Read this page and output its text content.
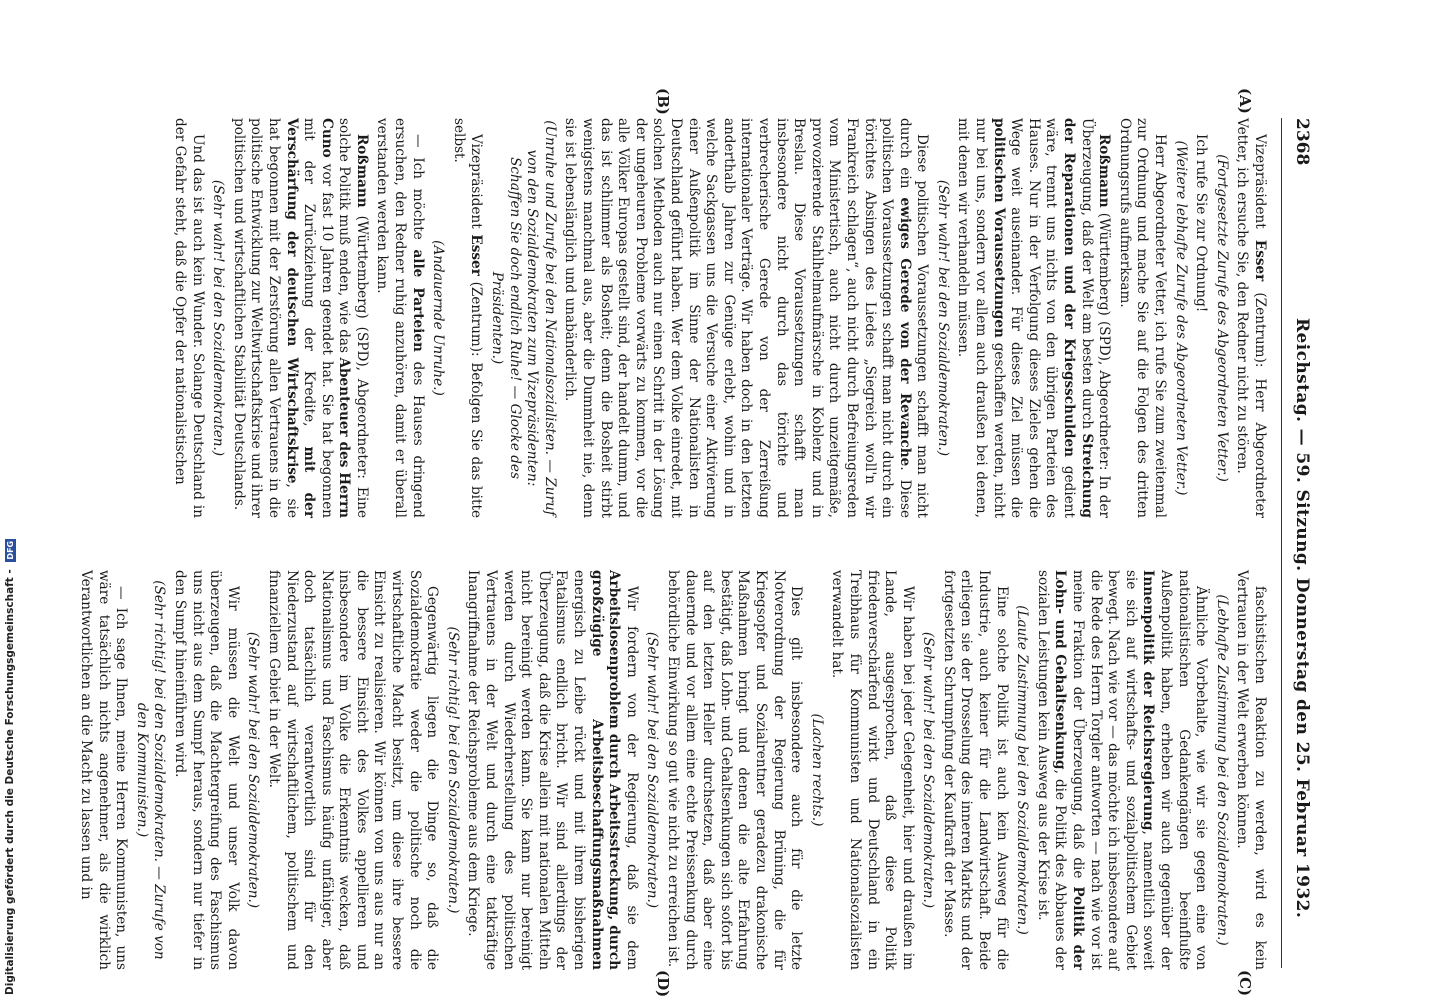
2368
Reichstag. — 59. Sitzung. Donnerstag den 25. Februar 1932.

Vizepräsident Esser (Zentrum): Herr Abgeordneter Vetter, ich ersuche Sie, den Redner nicht zu stören.

(Fortgesetzte Zurufe des Abgeordneten Vetter.)

Ich rufe Sie zur Ordnung!

(Weitere lebhafte Zurufe des Abgeordneten Vetter.)

Herr Abgeordneter Vetter, ich rufe Sie zum zweitenmal zur Ordnung und mache Sie auf die Folgen des dritten Ordnungsrufs aufmerksam.

Roßmann (Württemberg) (SPD), Abgeordneter: In der Überzeugung, daß der Welt am besten durch Streichung der Reparationen und der Kriegsschulden gedient wäre, trennt uns nichts von den übrigen Parteien des Hauses. Nur in der Verfolgung dieses Zieles gehen die Wege weit auseinander. Für dieses Ziel müssen die politischen Voraussetzungen geschaffen werden, nicht nur bei uns, sondern vor allem auch draußen bei denen, mit denen wir verhandeln müssen.

(Sehr wahr! bei den Sozialdemokraten.)

Diese politischen Voraussetzungen schafft man nicht durch ein ewiges Gerede von der Revanche. Diese politischen Voraussetzungen schafft man nicht durch ein törichtes Absingen des Liedes „Siegreich woll'n wir Frankreich schlagen“, auch nicht durch Befreiungsreden vom Ministertisch, auch nicht durch unzeitgemäße, provozierende Stahlhelmaufmärsche in Koblenz und in Breslau. Diese Voraussetzungen schafft man insbesondere nicht durch das törichte und verbrecherische Gerede von der Zerreißung internationaler Verträge. Wir haben doch in den letzten anderthalb Jahren zur Genüge erlebt, wohin und in welche Sackgassen uns die Versuche einer Aktivierung einer Außenpolitik im Sinne der Nationalisten in Deutschland geführt haben. Wer dem Volke einredet, mit solchen Methoden auch nur einen Schritt in der Lösung der ungeheuren Probleme vorwärts zu kommen, vor die alle Völker Europas gestellt sind, der handelt dumm, und das ist schlimmer als Bosheit; denn die Bosheit stirbt wenigstens manchmal aus, aber die Dummheit nie, denn sie ist lebenslänglich und unabänderlich.

(Unruhe und Zurufe bei den Nationalsozialisten. — Zuruf von den Sozialdemokraten zum Vizepräsidenten: Schaffen Sie doch endlich Ruhe! — Glocke des Präsidenten.)

Vizepräsident Esser (Zentrum): Befolgen Sie das bitte selbst.

(Andauernde Unruhe.)

— Ich möchte alle Parteien des Hauses dringend ersuchen, den Redner ruhig anzuhören, damit er überall verstanden werden kann.

Roßmann (Württemberg) (SPD), Abgeordneter: Eine solche Politik muß enden, wie das Abenteuer des Herrn Cuno vor fast 10 Jahren geendet hat. Sie hat begonnen mit der Zurückziehung der Kredite, mit der Verschärfung der deutschen Wirtschaftskrise, sie hat begonnen mit der Zerstörung allen Vertrauens in die politische Entwicklung zur Weltwirtschaftskrise und ihrer politischen und wirtschaftlichen Stabilität Deutschlands.

(Sehr wahr! bei den Sozialdemokraten.)

Und das ist auch kein Wunder. Solange Deutschland in der Gefahr steht, daß die Opfer der nationalistischen

faschistischen Reaktion zu werden, wird es kein Vertrauen in der Welt erwerben können.

(Lebhafte Zustimmung bei den Sozialdemokraten.)

Ähnliche Vorbehalte, wie wir sie gegen eine von nationalistischen Gedankengängen beeinflußte Außenpolitik haben, erheben wir auch gegenüber der Innenpolitik der Reichsregierung, namentlich soweit sie sich auf wirtschafts- und sozialpolitischem Gebiet bewegt. Nach wie vor — das möchte ich insbesondere auf die Rede des Herrn Torgler antworten — nach wie vor ist meine Fraktion der Überzeugung, daß die Politik der Lohn- und Gehaltsenkung, die Politik des Abbaues der sozialen Leistungen kein Ausweg aus der Krise ist.

(Laute Zustimmung bei den Sozialdemokraten.)

Eine solche Politik ist auch kein Ausweg für die Industrie, auch keiner für die Landwirtschaft. Beide erliegen sie der Drosselung des inneren Markts und der fortgesetzten Schrumpfung der Kaufkraft der Masse.

(Sehr wahr! bei den Sozialdemokraten.)

Wir haben bei jeder Gelegenheit, hier und draußen im Lande, ausgesprochen, daß diese Politik friedenverschärfend wirkt und Deutschland in ein Treibhaus für Kommunisten und Nationalsozialisten verwandelt hat.

(Lachen rechts.)

Dies gilt insbesondere auch für die letzte Notverordnung der Regierung Brüning, die für Kriegsopfer und Sozialrentner geradezu drakonische Maßnahmen bringt und denen die alte Erfahrung bestätigt, daß Lohn- und Gehaltsenkungen sich sofort bis auf den letzten Heller durchsetzen, daß aber eine dauernde und vor allem eine echte Preissenkung durch behördliche Einwirkung so gut wie nicht zu erreichen ist.

(Sehr wahr! bei den Sozialdemokraten.)

Wir fordern von der Regierung, daß sie dem Arbeitslosenproblem durch Arbeitsstreckung, durch großzügige Arbeitsbeschaffungsmaßnahmen energisch zu Leibe rückt und mit ihrem bisherigen Fatalismus endlich bricht. Wir sind allerdings der Überzeugung, daß die Krise allein mit nationalen Mitteln nicht bereinigt werden kann. Sie kann nur bereinigt werden durch Wiederherstellung des politischen Vertrauens in der Welt und durch eine tatkräftige Inangriffnahme der Reichsprobleme aus dem Kriege.

(Sehr richtig! bei den Sozialdemokraten.)

Gegenwärtig liegen die Dinge so, daß die Sozialdemokratie weder die politische noch die wirtschaftliche Macht besitzt, um diese ihre bessere Einsicht zu realisieren. Wir können von uns aus nur an die bessere Einsicht des Volkes appellieren und insbesondere im Volke die Erkenntnis wecken, daß Nationalismus und Faschismus häufig unfähiger, aber doch tatsächlich verantwortlich sind für den Niederzustand auf wirtschaftlichem, politischem und finanziellem Gebiet in der Welt.

(Sehr wahr! bei den Sozialdemokraten.)

Wir müssen die Welt und unser Volk davon überzeugen, daß die Machtergreifung des Faschismus uns nicht aus dem Sumpf heraus, sondern nur tiefer in den Sumpf hineinführen wird.

(Sehr richtig! bei den Sozialdemokraten. — Zurufe von den Kommunisten.)

— Ich sage Ihnen, meine Herren Kommunisten, uns wäre tatsächlich nichts angenehmer, als die wirklich Verantwortlichen an die Macht zu lassen und in

(A)
(B)
(C)
(D)
Digitalisierung gefördert durch die Deutsche Forschungsgemeinschaft - DFG
